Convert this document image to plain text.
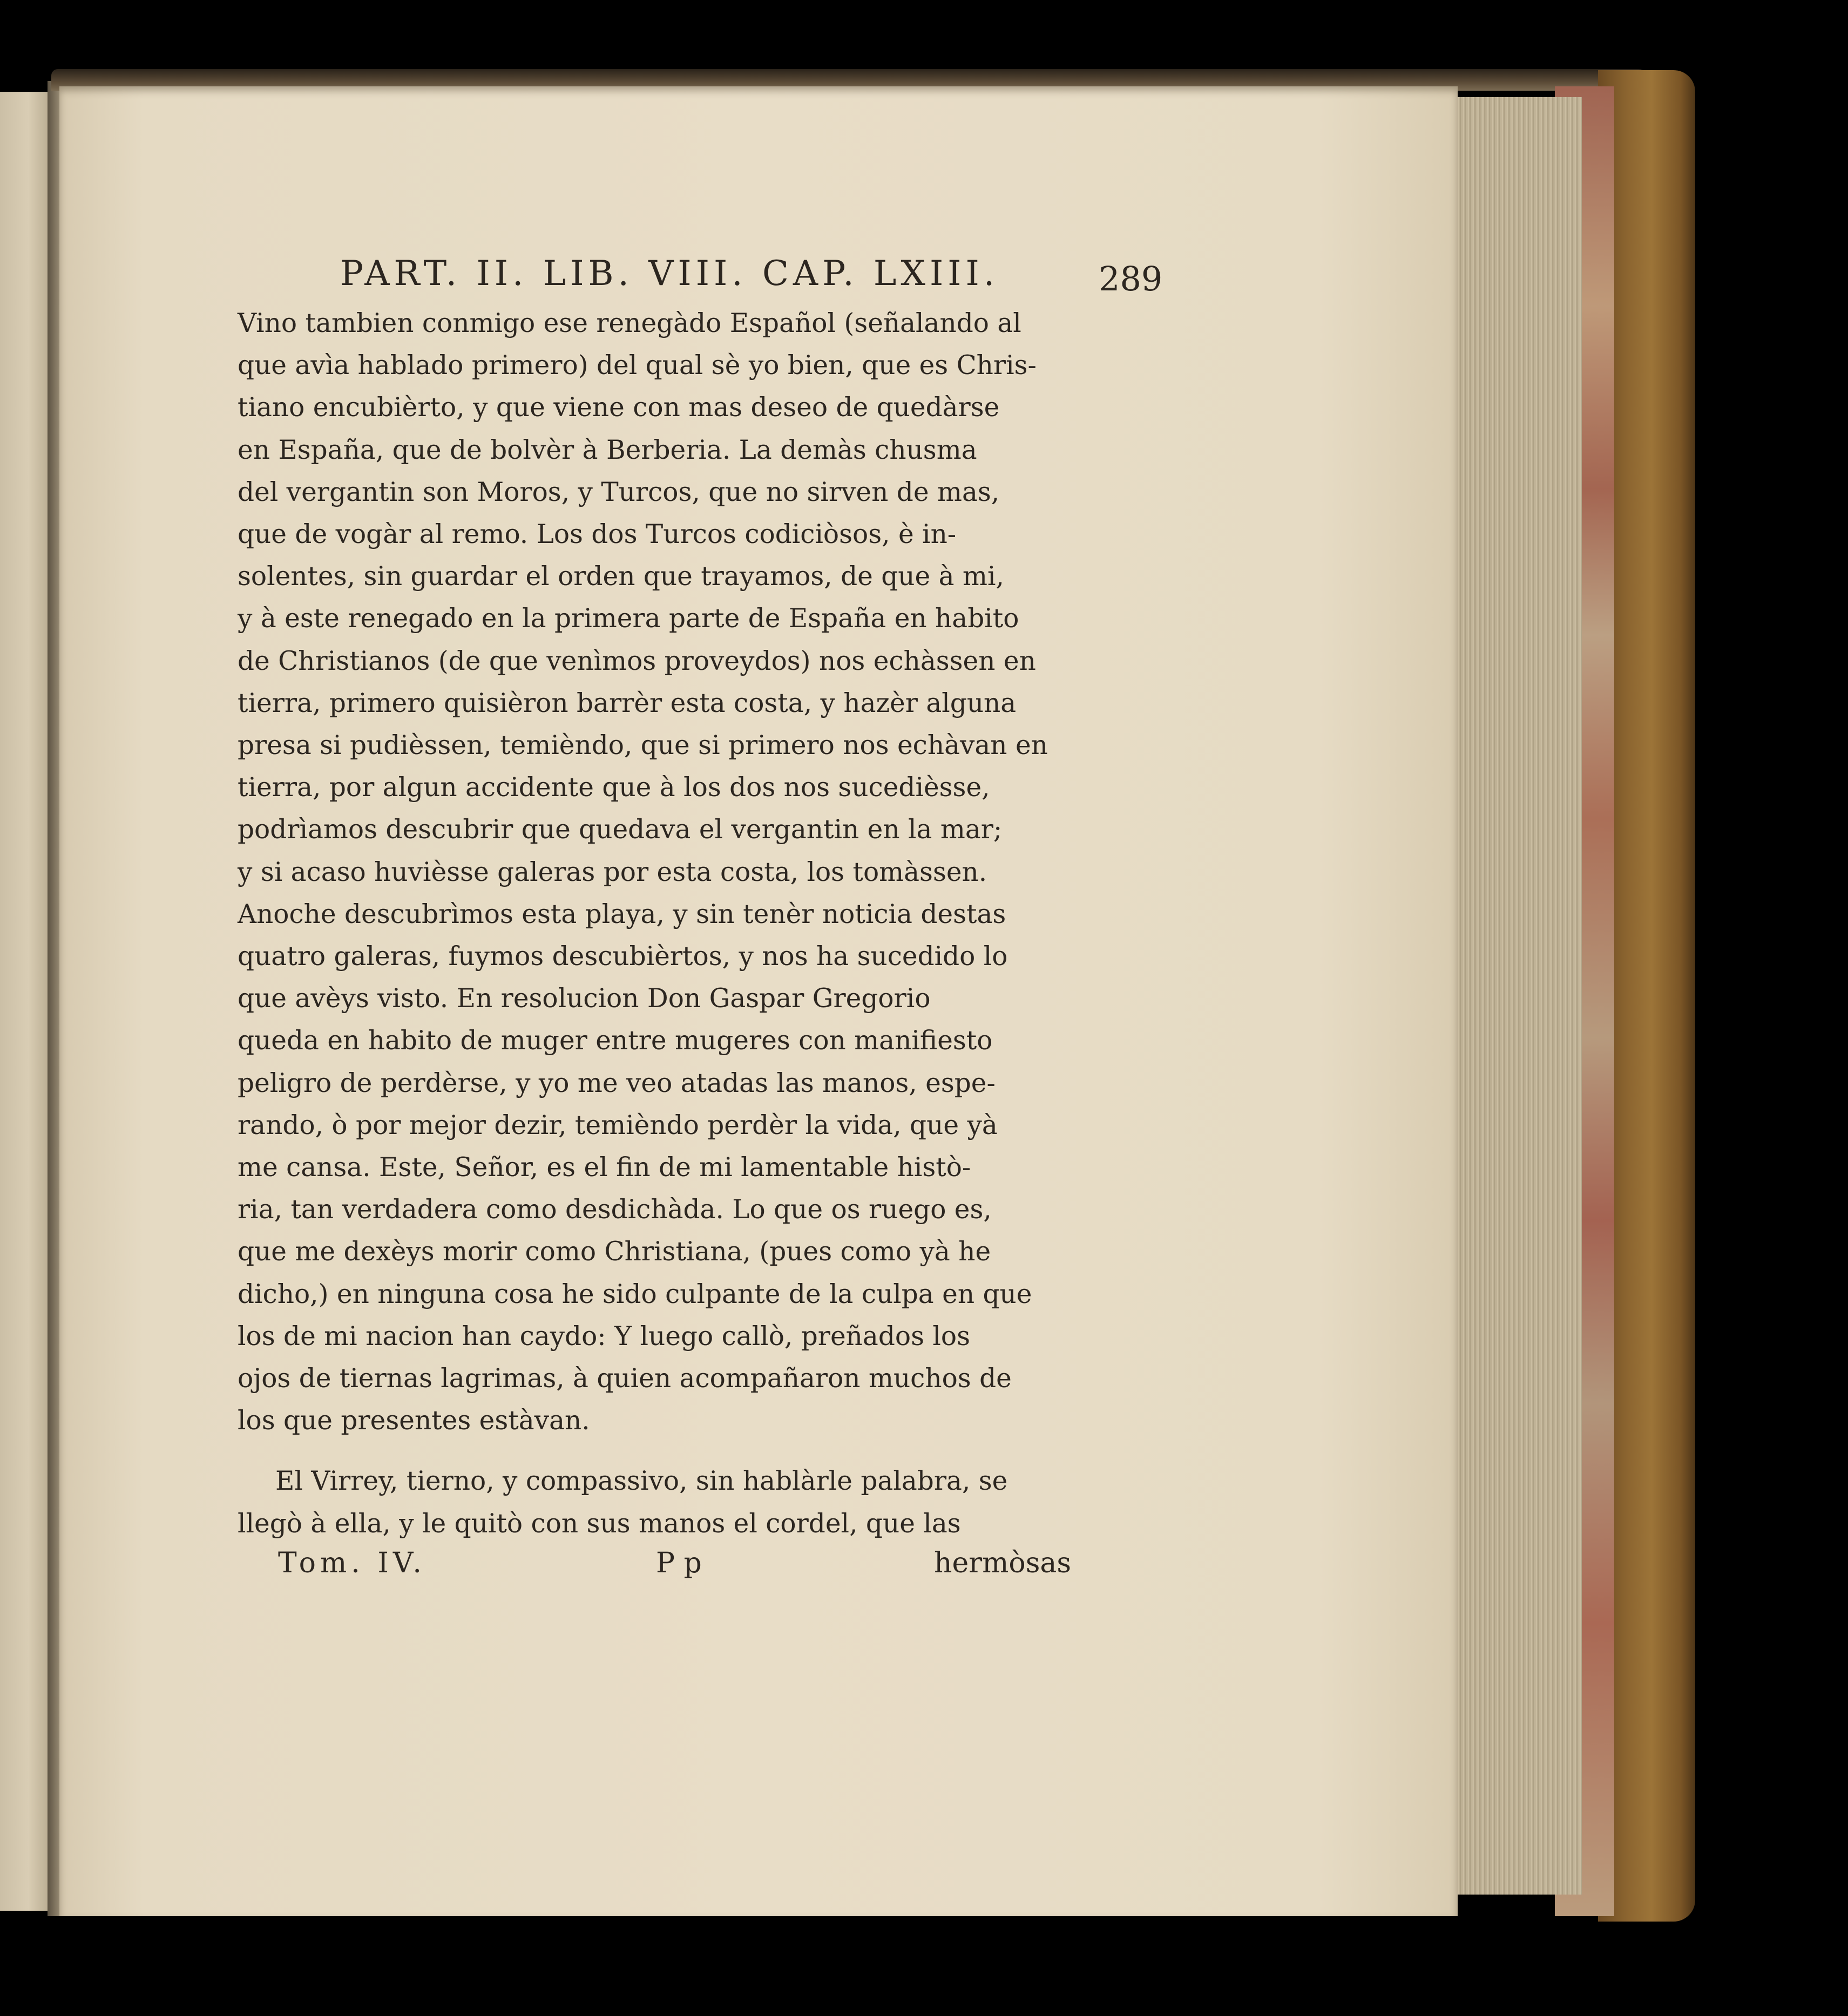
PART. II. LIB. VIII. CAP. LXIII.	289
Vino tambien conmigo ese renegàdo Español (señalando al
que avìa hablado primero) del qual sè yo bien, que es Chris-
tiano encubièrto, y que viene con mas deseo de quedàrse
en España, que de bolvèr à Berberia. La demàs chusma
del vergantin son Moros, y Turcos, que no sirven de mas,
que de vogàr al remo. Los dos Turcos codiciòsos, è in-
solentes, sin guardar el orden que trayamos, de que à mi,
y à este renegado en la primera parte de España en habito
de Christianos (de que venìmos proveydos) nos echàssen en
tierra, primero quisièron barrèr esta costa, y hazèr alguna
presa si pudièssen, temièndo, que si primero nos echàvan en
tierra, por algun accidente que à los dos nos sucedièsse,
podrìamos descubrir que quedava el vergantin en la mar;
y si acaso huvièsse galeras por esta costa, los tomàssen.
Anoche descubrìmos esta playa, y sin tenèr noticia destas
quatro galeras, fuymos descubièrtos, y nos ha sucedido lo
que avèys visto. En resolucion Don Gaspar Gregorio
queda en habito de muger entre mugeres con manifiesto
peligro de perdèrse, y yo me veo atadas las manos, espe-
rando, ò por mejor dezir, temièndo perdèr la vida, que yà
me cansa. Este, Señor, es el fin de mi lamentable histò-
ria, tan verdadera como desdichàda. Lo que os ruego es,
que me dexèys morir como Christiana, (pues como yà he
dicho,) en ninguna cosa he sido culpante de la culpa en que
los de mi nacion han caydo: Y luego callò, preñados los
ojos de tiernas lagrimas, à quien acompañaron muchos de
los que presentes estàvan.
El Virrey, tierno, y compassivo, sin hablàrle palabra, se
llegò à ella, y le quitò con sus manos el cordel, que las
Tom. IV.	P p	hermòsas
